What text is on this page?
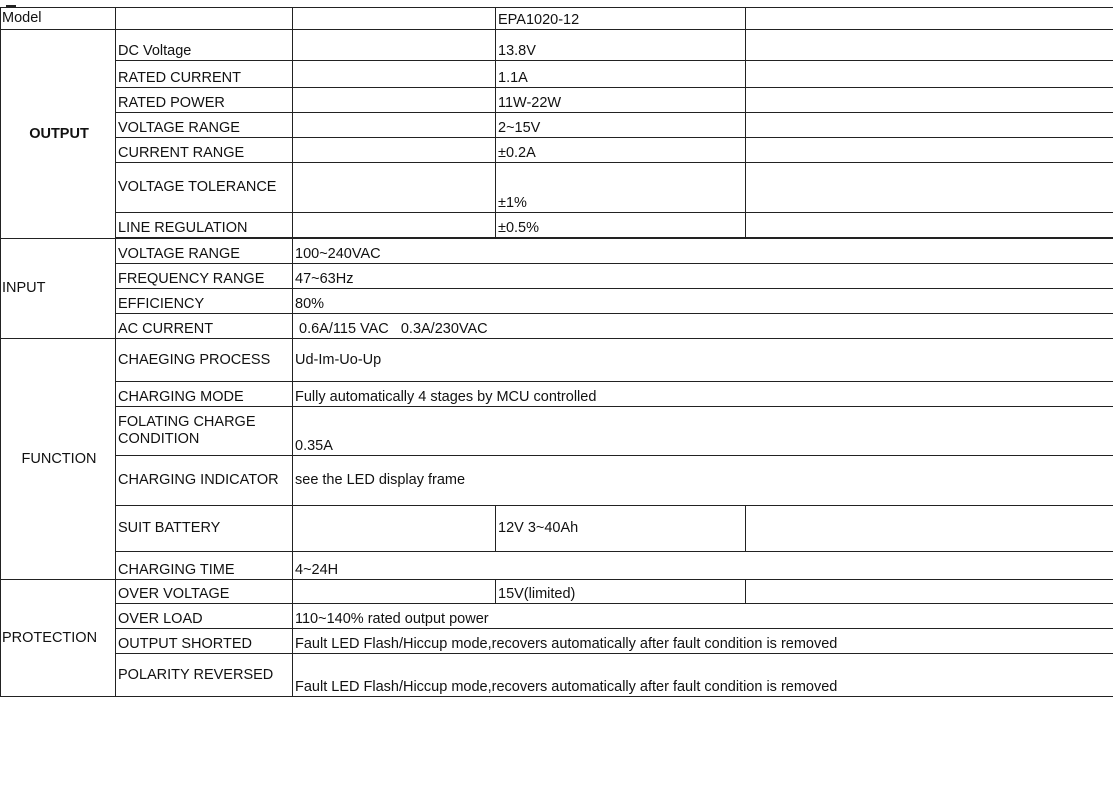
Model			EPA1020-12	
OUTPUT	DC Voltage		13.8V	
	RATED CURRENT		1.1A	
	RATED POWER		11W-22W	
	VOLTAGE RANGE		2~15V	
	CURRENT RANGE		±0.2A	
	VOLTAGE TOLERANCE		±1%	
	LINE REGULATION		±0.5%	

INPUT	VOLTAGE RANGE	100~240VAC		
	FREQUENCY RANGE	47~63Hz		
	EFFICIENCY	80%		
	AC CURRENT	0.6A/115 VAC   0.3A/230VAC		
FUNCTION	CHAEGING PROCESS	Ud-Im-Uo-Up		
	CHARGING MODE	Fully automatically 4 stages by MCU controlled		
	FOLATING CHARGE CONDITION	0.35A		
	CHARGING INDICATOR	see the LED display frame		
	SUIT BATTERY		12V 3~40Ah	
	CHARGING TIME	4~24H		
PROTECTION	OVER VOLTAGE		15V(limited)	
	OVER LOAD	110~140% rated output power		
	OUTPUT SHORTED	Fault LED Flash/Hiccup mode,recovers automatically after fault condition is removed		
	POLARITY REVERSED	Fault LED Flash/Hiccup mode,recovers automatically after fault condition is removed		
